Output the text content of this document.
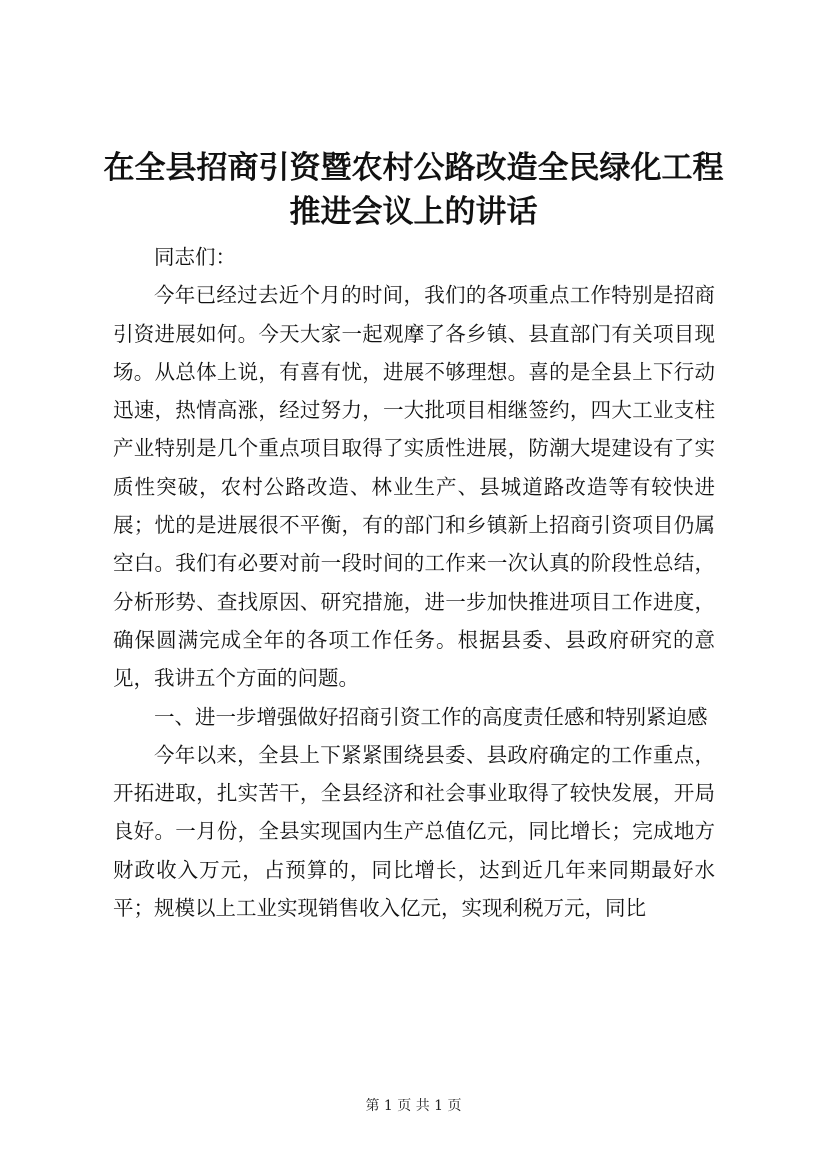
在全县招商引资暨农村公路改造全民绿化工程
推进会议上的讲话

同志们：

今年已经过去近个月的时间，我们的各项重点工作特别是招商引资进展如何。今天大家一起观摩了各乡镇、县直部门有关项目现场。从总体上说，有喜有忧，进展不够理想。喜的是全县上下行动迅速，热情高涨，经过努力，一大批项目相继签约，四大工业支柱产业特别是几个重点项目取得了实质性进展，防潮大堤建设有了实质性突破，农村公路改造、林业生产、县城道路改造等有较快进展；忧的是进展很不平衡，有的部门和乡镇新上招商引资项目仍属空白。我们有必要对前一段时间的工作来一次认真的阶段性总结，分析形势、查找原因、研究措施，进一步加快推进项目工作进度，确保圆满完成全年的各项工作任务。根据县委、县政府研究的意见，我讲五个方面的问题。

一、进一步增强做好招商引资工作的高度责任感和特别紧迫感

今年以来，全县上下紧紧围绕县委、县政府确定的工作重点，开拓进取，扎实苦干，全县经济和社会事业取得了较快发展，开局良好。一月份，全县实现国内生产总值亿元，同比增长；完成地方财政收入万元，占预算的，同比增长，达到近几年来同期最好水平；规模以上工业实现销售收入亿元，实现利税万元，同比

第 1 页 共 1 页
